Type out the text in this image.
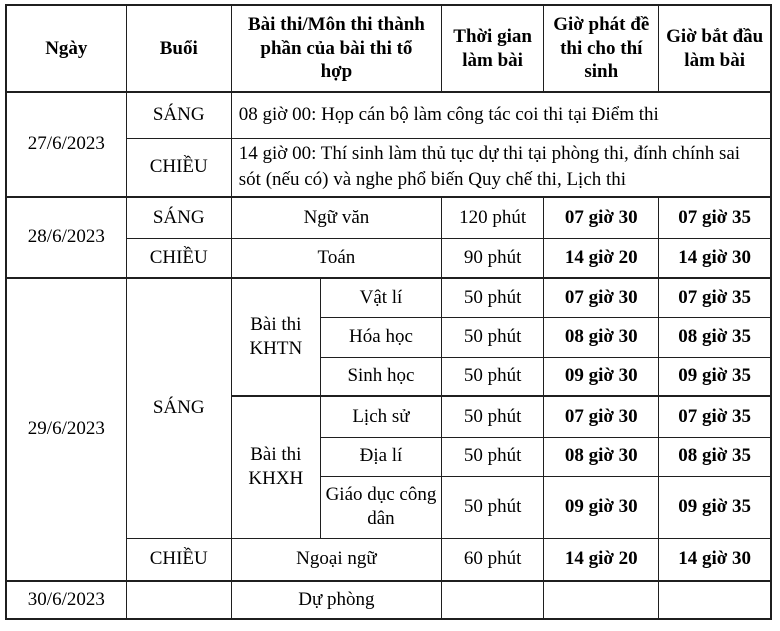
Ngày	Buổi	Bài thi/Môn thi thành phần của bài thi tổ hợp		Thời gian làm bài	Giờ phát đề thi cho thí sinh	Giờ bắt đầu làm bài
27/6/2023	SÁNG	08 giờ 00: Họp cán bộ làm công tác coi thi tại Điểm thi				
	CHIỀU	14 giờ 00: Thí sinh làm thủ tục dự thi tại phòng thi, đính chính sai sót (nếu có) và nghe phổ biến Quy chế thi, Lịch thi				
28/6/2023	SÁNG	Ngữ văn		120 phút	07 giờ 30	07 giờ 35
	CHIỀU	Toán		90 phút	14 giờ 20	14 giờ 30
29/6/2023	SÁNG	Bài thi KHTN	Vật lí	50 phút	07 giờ 30	07 giờ 35
			Hóa học	50 phút	08 giờ 30	08 giờ 35
			Sinh học	50 phút	09 giờ 30	09 giờ 35
		Bài thi KHXH	Lịch sử	50 phút	07 giờ 30	07 giờ 35
			Địa lí	50 phút	08 giờ 30	08 giờ 35
			Giáo dục công dân	50 phút	09 giờ 30	09 giờ 35
	CHIỀU	Ngoại ngữ		60 phút	14 giờ 20	14 giờ 30
30/6/2023		Dự phòng				
